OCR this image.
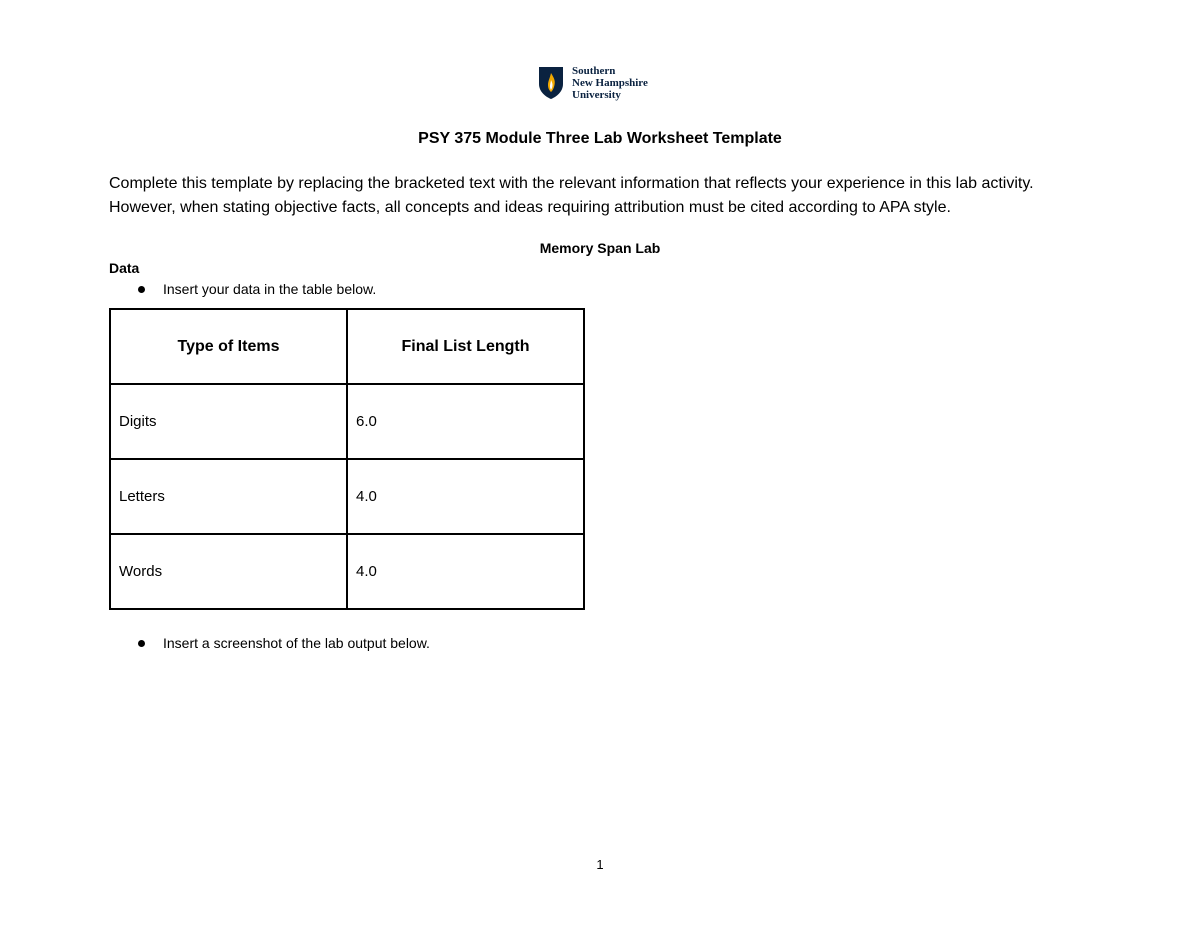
Southern
New Hampshire
University
PSY 375 Module Three Lab Worksheet Template
Complete this template by replacing the bracketed text with the relevant information that reflects your experience in this lab activity. However, when stating objective facts, all concepts and ideas requiring attribution must be cited according to APA style.
Memory Span Lab
Data
Insert your data in the table below.
Type of Items	Final List Length
Digits	6.0
Letters	4.0
Words	4.0
Insert a screenshot of the lab output below.
1
